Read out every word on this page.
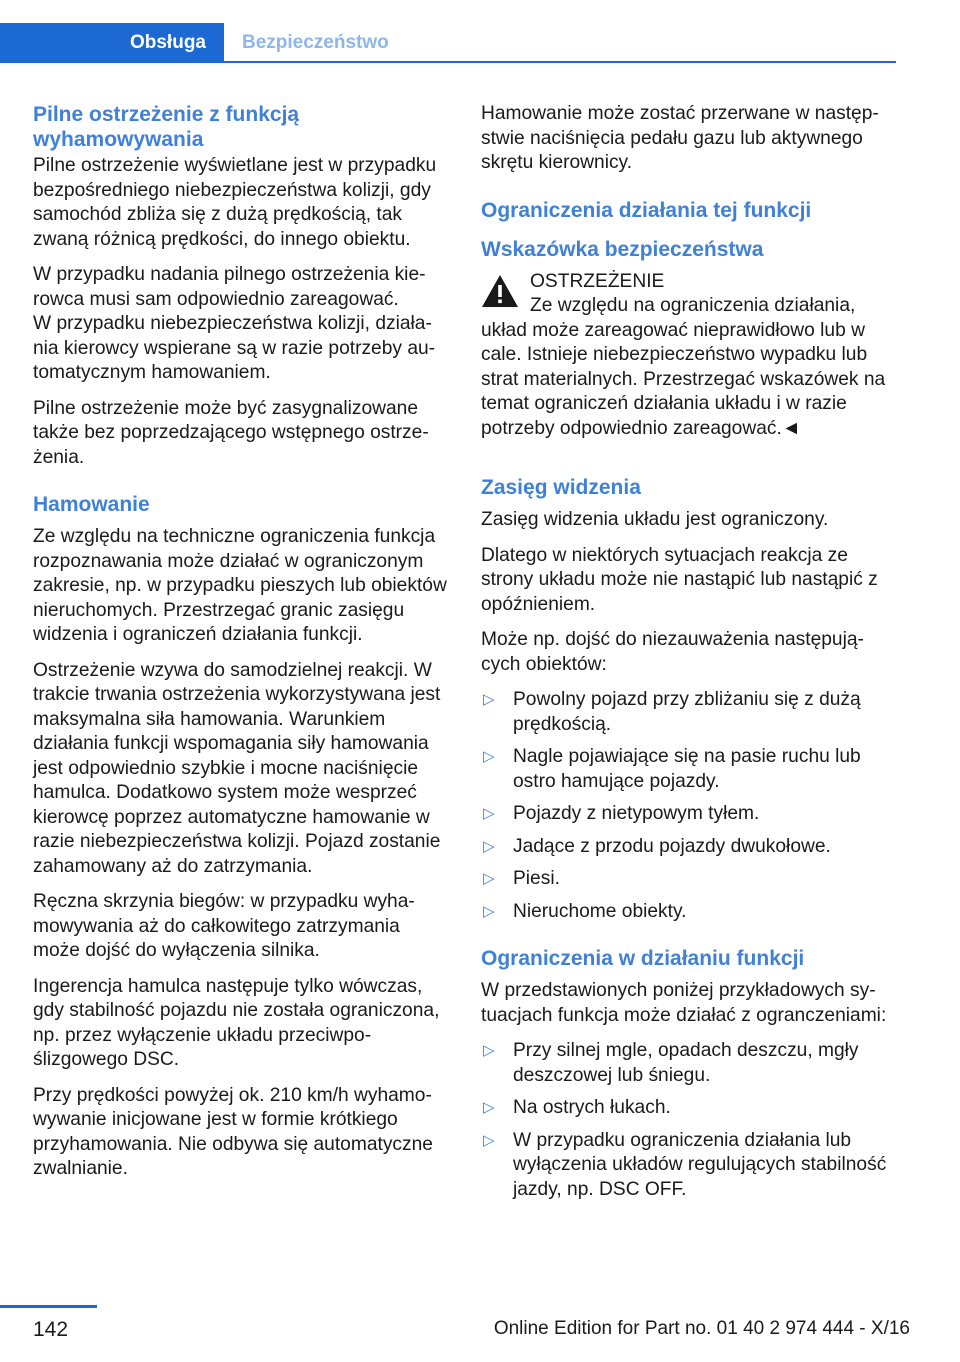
Obsługa	Bezpieczeństwo
Pilne ostrzeżenie z funkcją wyhamowywania

Pilne ostrzeżenie wyświetlane jest w przypadku bezpośredniego niebezpieczeństwa kolizji, gdy samochód zbliża się z dużą prędkością, tak zwaną różnicą prędkości, do innego obiektu.

W przypadku nadania pilnego ostrzeżenia kierowca musi sam odpowiednio zareagować.

W przypadku niebezpieczeństwa kolizji, działania kierowcy wspierane są w razie potrzeby automatycznym hamowaniem.

Pilne ostrzeżenie może być zasygnalizowane także bez poprzedzającego wstępnego ostrzeżenia.

Hamowanie

Ze względu na techniczne ograniczenia funkcja rozpoznawania może działać w ograniczonym zakresie, np. w przypadku pieszych lub obiektów nieruchomych. Przestrzegać granic zasięgu widzenia i ograniczeń działania funkcji.

Ostrzeżenie wzywa do samodzielnej reakcji. W trakcie trwania ostrzeżenia wykorzystywana jest maksymalna siła hamowania. Warunkiem działania funkcji wspomagania siły hamowania jest odpowiednio szybkie i mocne naciśnięcie hamulca. Dodatkowo system może wesprzeć kierowcę poprzez automatyczne hamowanie w razie niebezpieczeństwa kolizji. Pojazd zostanie zahamowany aż do zatrzymania.

Ręczna skrzynia biegów: w przypadku wyhamowywania aż do całkowitego zatrzymania może dojść do wyłączenia silnika.

Ingerencja hamulca następuje tylko wówczas, gdy stabilność pojazdu nie została ograniczona, np. przez wyłączenie układu przeciwpoślizgowego DSC.

Przy prędkości powyżej ok. 210 km/h wyhamowywanie inicjowane jest w formie krótkiego przyhamowania. Nie odbywa się automatyczne zwalnianie.

Hamowanie może zostać przerwane w następstwie naciśnięcia pedału gazu lub aktywnego skrętu kierownicy.

Ograniczenia działania tej funkcji
Wskazówka bezpieczeństwa
OSTRZEŻENIE
Ze względu na ograniczenia działania,
układ może zareagować nieprawidłowo lub w cale. Istnieje niebezpieczeństwo wypadku lub strat materialnych. Przestrzegać wskazówek na temat ograniczeń działania układu i w razie potrzeby odpowiednio zareagować.◄
Zasięg widzenia

Zasięg widzenia układu jest ograniczony.

Dlatego w niektórych sytuacjach reakcja ze strony układu może nie nastąpić lub nastąpić z opóźnieniem.

Może np. dojść do niezauważenia następujących obiektów:

▷ Powolny pojazd przy zbliżaniu się z dużą prędkością.
▷ Nagle pojawiające się na pasie ruchu lub ostro hamujące pojazdy.
▷ Pojazdy z nietypowym tyłem.
▷ Jadące z przodu pojazdy dwukołowe.
▷ Piesi.
▷ Nieruchome obiekty.
Ograniczenia w działaniu funkcji

W przedstawionych poniżej przykładowych sytuacjach funkcja może działać z ogranczeniami:

▷ Przy silnej mgle, opadach deszczu, mgły deszczowej lub śniegu.
▷ Na ostrych łukach.
▷ W przypadku ograniczenia działania lub wyłączenia układów regulujących stabilność jazdy, np. DSC OFF.
142	Online Edition for Part no. 01 40 2 974 444 - X/16
